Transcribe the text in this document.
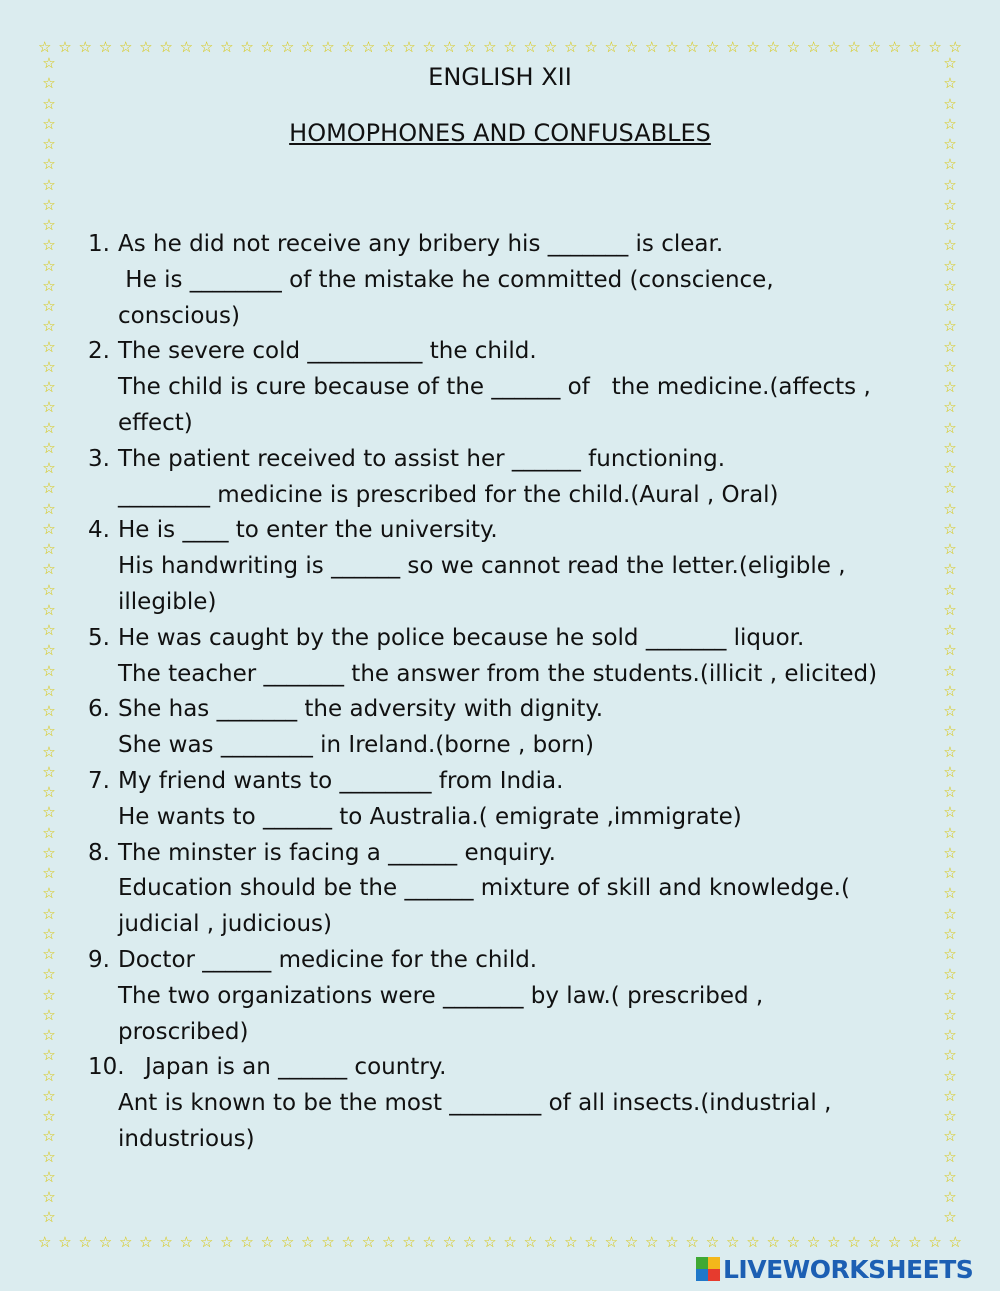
☆ ☆ ☆ ☆ ☆ ☆ ☆ ☆ ☆ ☆ ☆ ☆ ☆ ☆ ☆ ☆ ☆ ☆ ☆ ☆ ☆ ☆ ☆ ☆ ☆ ☆ ☆ ☆ ☆ ☆ ☆ ☆ ☆ ☆ ☆ ☆ ☆ ☆ ☆ ☆ ☆ ☆ ☆ ☆ ☆ ☆
☆ ☆ ☆ ☆ ☆ ☆ ☆ ☆ ☆ ☆ ☆ ☆ ☆ ☆ ☆ ☆ ☆ ☆ ☆ ☆ ☆ ☆ ☆ ☆ ☆ ☆ ☆ ☆ ☆ ☆ ☆ ☆ ☆ ☆ ☆ ☆ ☆ ☆ ☆ ☆ ☆ ☆ ☆ ☆ ☆ ☆
☆
☆
☆
☆
☆
☆
☆
☆
☆
☆
☆
☆
☆
☆
☆
☆
☆
☆
☆
☆
☆
☆
☆
☆
☆
☆
☆
☆
☆
☆
☆
☆
☆
☆
☆
☆
☆
☆
☆
☆
☆
☆
☆
☆
☆
☆
☆
☆
☆
☆
☆
☆
☆
☆
☆
☆
☆
☆
☆
☆
☆
☆
☆
☆
☆
☆
☆
☆
☆
☆
☆
☆
☆
☆
☆
☆
☆
☆
☆
☆
☆
☆
☆
☆
☆
☆
☆
☆
☆
☆
☆
☆
☆
☆
☆
☆
☆
☆
☆
☆
☆
☆
☆
☆
☆
☆
☆
☆
☆
☆
☆
☆
☆
☆
☆
☆
ENGLISH XII
HOMOPHONES AND CONFUSABLES
1. As he did not receive any bribery his _______ is clear.
He is ________ of the mistake he committed (conscience,
conscious)
2. The severe cold __________ the child.
The child is cure because of the ______ of   the medicine.(affects ,
effect)
3. The patient received to assist her ______ functioning.
________ medicine is prescribed for the child.(Aural , Oral)
4. He is ____ to enter the university.
His handwriting is ______ so we cannot read the letter.(eligible ,
illegible)
5. He was caught by the police because he sold _______ liquor.
The teacher _______ the answer from the students.(illicit , elicited)
6. She has _______ the adversity with dignity.
She was ________ in Ireland.(borne , born)
7. My friend wants to ________ from India.
He wants to ______ to Australia.( emigrate ,immigrate)
8. The minster is facing a ______ enquiry.
Education should be the ______ mixture of skill and knowledge.(
judicial , judicious)
9. Doctor ______ medicine for the child.
The two organizations were _______ by law.( prescribed ,
proscribed)
10. Japan is an ______ country.
Ant is known to be the most ________ of all insects.(industrial ,
industrious)
LIVEWORKSHEETS
